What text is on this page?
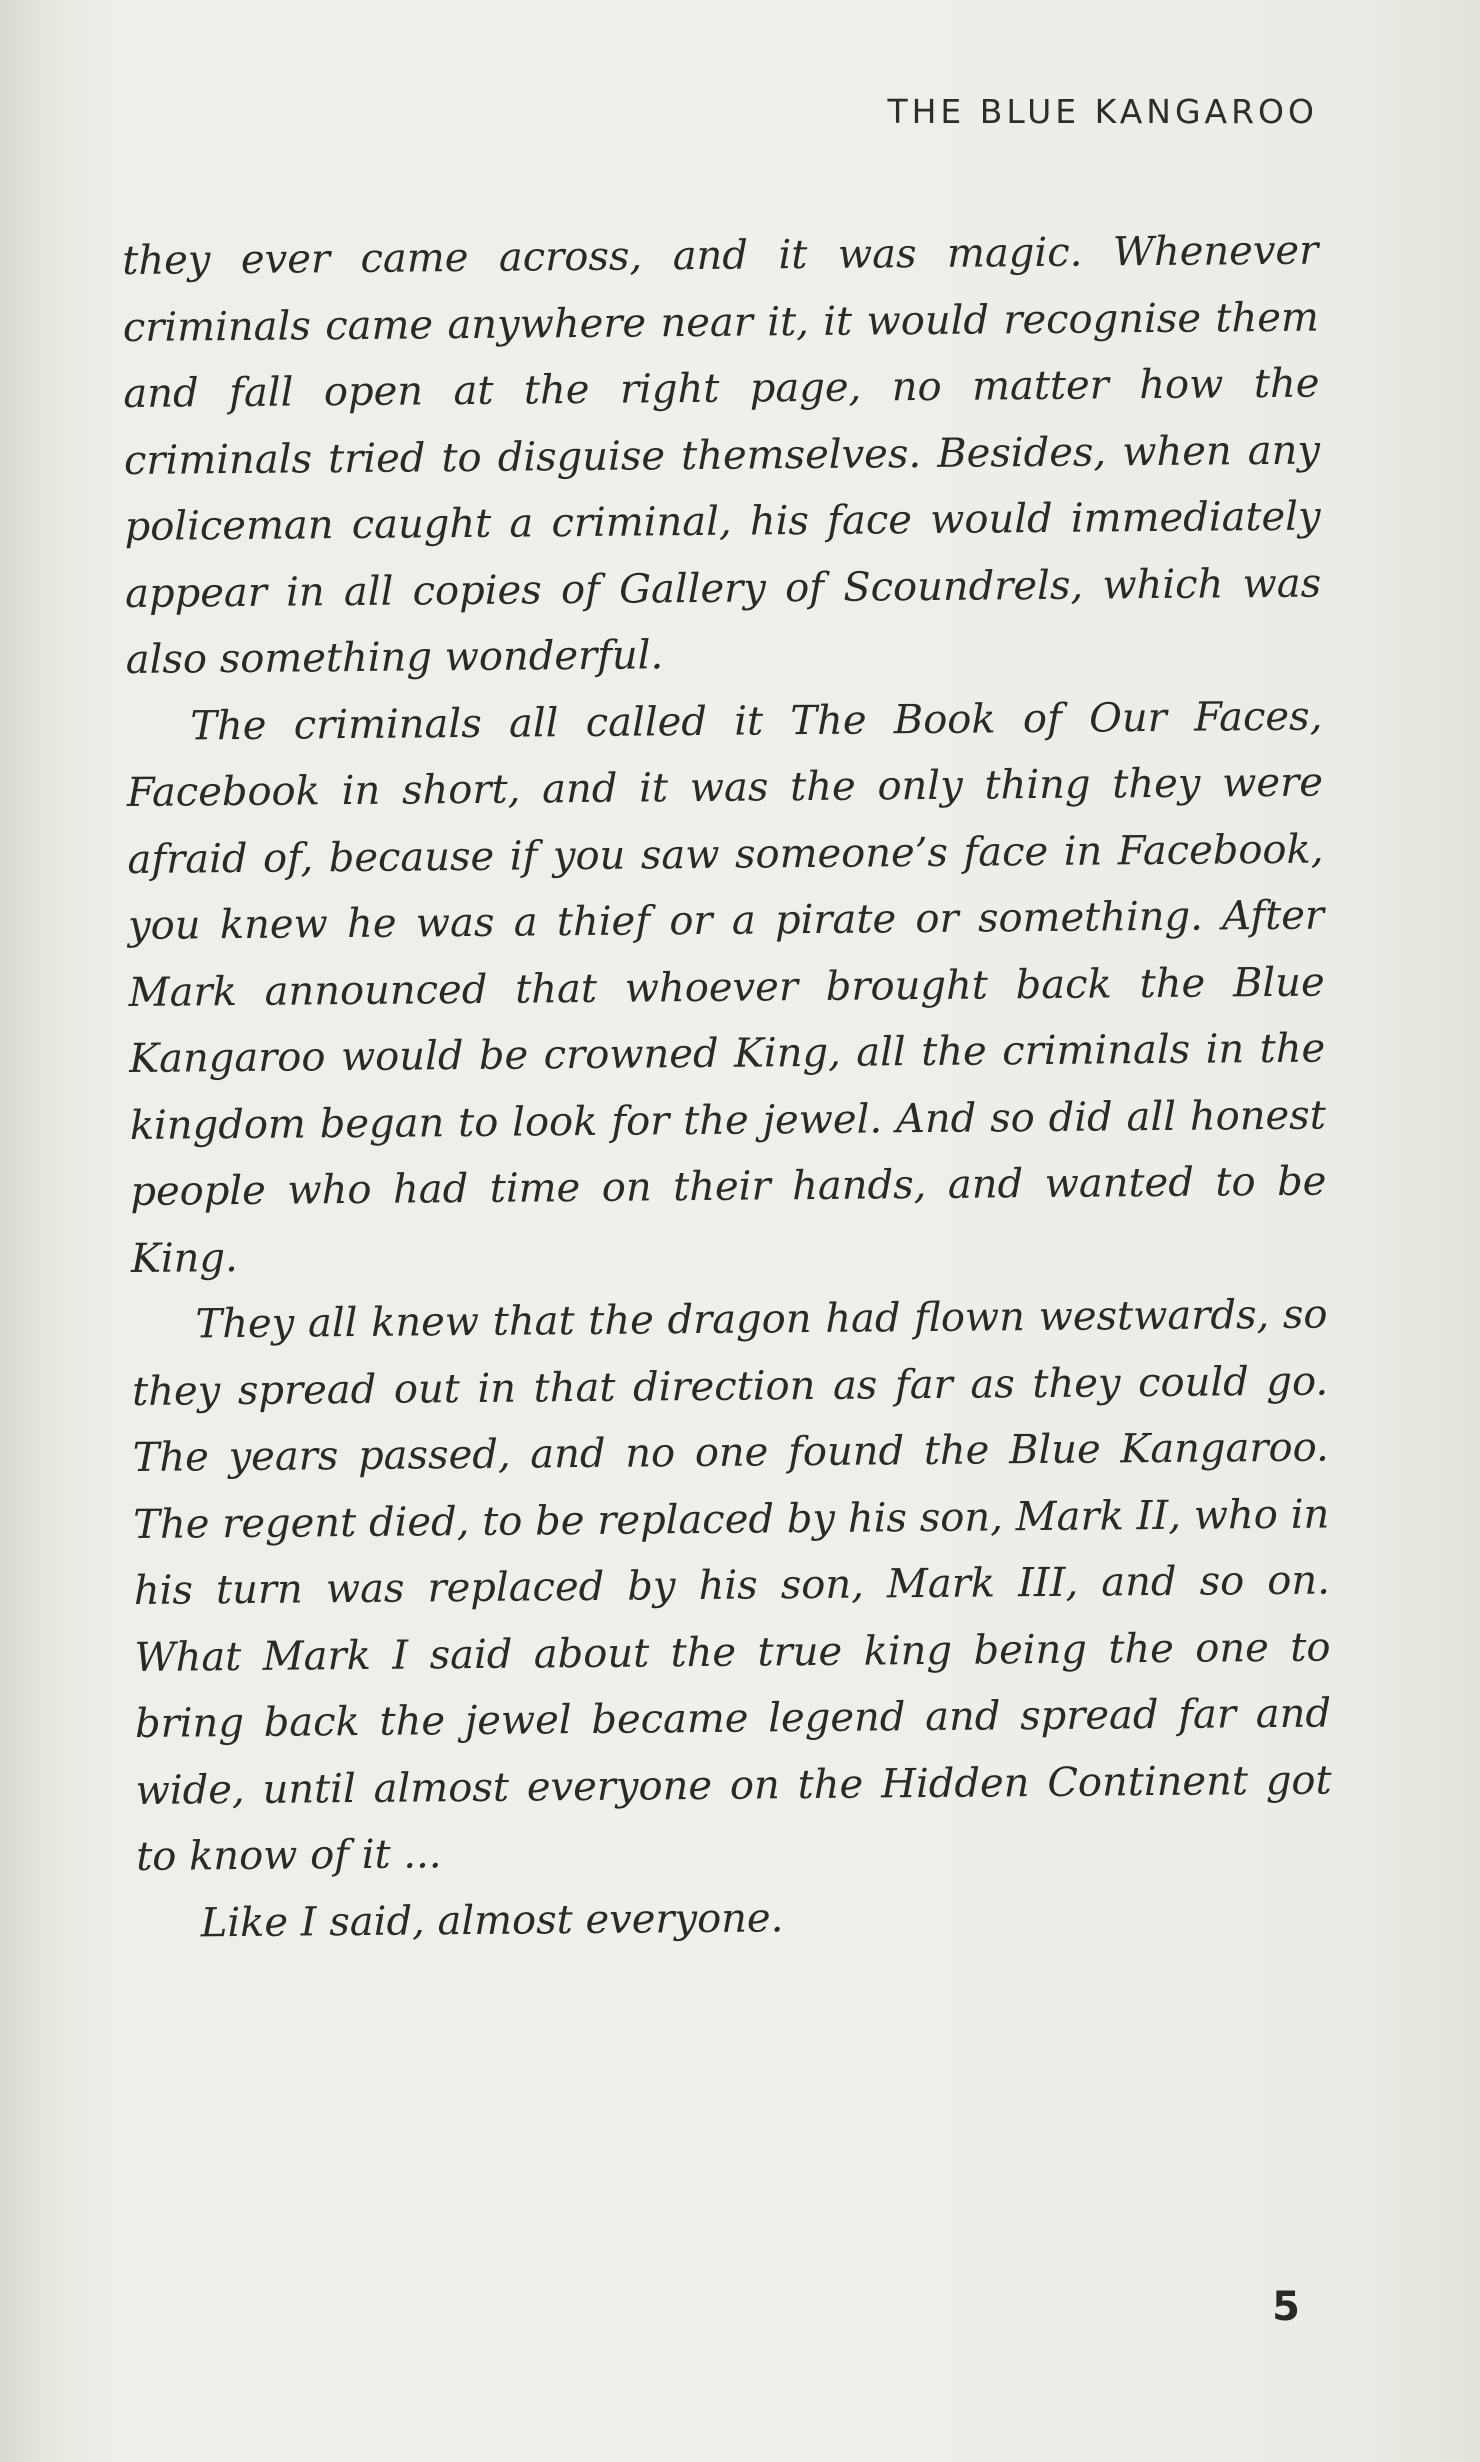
THE BLUE KANGAROO

they ever came across, and it was magic. Whenever criminals came anywhere near it, it would recognise them and fall open at the right page, no matter how the criminals tried to disguise themselves. Besides, when any policeman caught a criminal, his face would immediately appear in all copies of Gallery of Scoundrels, which was also something wonderful.

The criminals all called it The Book of Our Faces, Facebook in short, and it was the only thing they were afraid of, because if you saw someone’s face in Facebook, you knew he was a thief or a pirate or something. After Mark announced that whoever brought back the Blue Kangaroo would be crowned King, all the criminals in the kingdom began to look for the jewel. And so did all honest people who had time on their hands, and wanted to be King.

They all knew that the dragon had flown westwards, so they spread out in that direction as far as they could go. The years passed, and no one found the Blue Kangaroo. The regent died, to be replaced by his son, Mark II, who in his turn was replaced by his son, Mark III, and so on. What Mark I said about the true king being the one to bring back the jewel became legend and spread far and wide, until almost everyone on the Hidden Continent got to know of it ...

Like I said, almost everyone.

5
